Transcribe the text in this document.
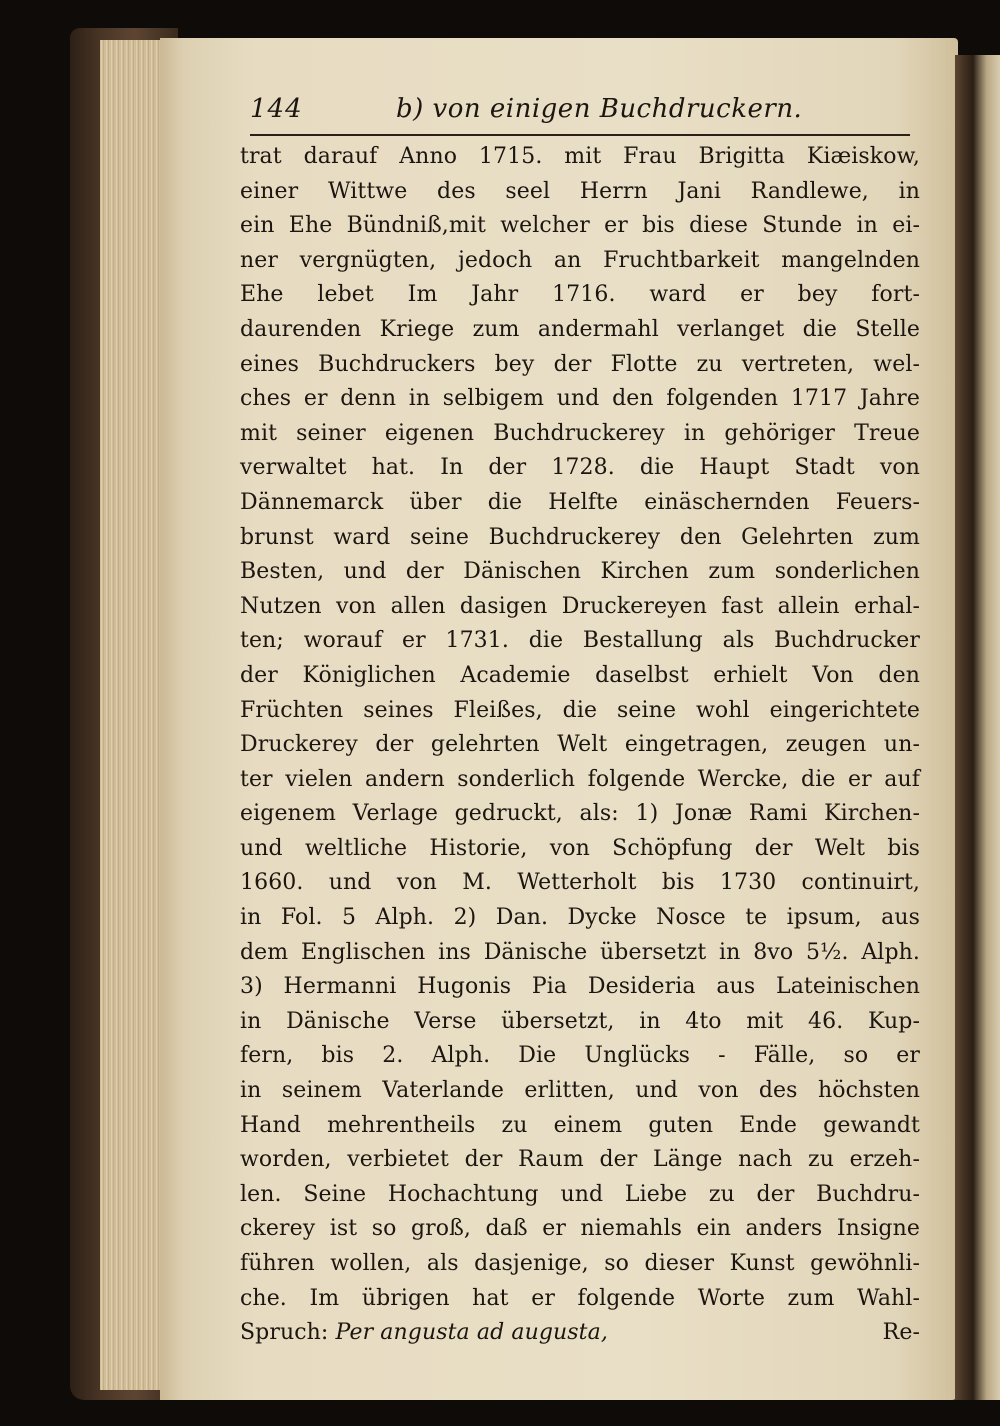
144	b) von einigen Buchdruckern.
trat darauf Anno 1715. mit Frau Brigitta Kiæiskow,
einer Wittwe des seel Herrn Jani Randlewe, in
ein Ehe Bündniß,mit welcher er bis diese Stunde in ei-
ner vergnügten, jedoch an Fruchtbarkeit mangelnden
Ehe lebet Im Jahr 1716. ward er bey fort-
daurenden Kriege zum andermahl verlanget die Stelle
eines Buchdruckers bey der Flotte zu vertreten, wel-
ches er denn in selbigem und den folgenden 1717 Jahre
mit seiner eigenen Buchdruckerey in gehöriger Treue
verwaltet hat. In der 1728. die Haupt Stadt von
Dännemarck über die Helfte einäschernden Feuers-
brunst ward seine Buchdruckerey den Gelehrten zum
Besten, und der Dänischen Kirchen zum sonderlichen
Nutzen von allen dasigen Druckereyen fast allein erhal-
ten; worauf er 1731. die Bestallung als Buchdrucker
der Königlichen Academie daselbst erhielt Von den
Früchten seines Fleißes, die seine wohl eingerichtete
Druckerey der gelehrten Welt eingetragen, zeugen un-
ter vielen andern sonderlich folgende Wercke, die er auf
eigenem Verlage gedruckt, als: 1) Jonæ Rami Kirchen-
und weltliche Historie, von Schöpfung der Welt bis
1660. und von M. Wetterholt bis 1730 continuirt,
in Fol. 5 Alph. 2) Dan. Dycke Nosce te ipsum, aus
dem Englischen ins Dänische übersetzt in 8vo 5½. Alph.
3) Hermanni Hugonis Pia Desideria aus Lateinischen
in Dänische Verse übersetzt, in 4to mit 46. Kup-
fern, bis 2. Alph. Die Unglücks - Fälle, so er
in seinem Vaterlande erlitten, und von des höchsten
Hand mehrentheils zu einem guten Ende gewandt
worden, verbietet der Raum der Länge nach zu erzeh-
len. Seine Hochachtung und Liebe zu der Buchdru-
ckerey ist so groß, daß er niemahls ein anders Insigne
führen wollen, als dasjenige, so dieser Kunst gewöhnli-
che. Im übrigen hat er folgende Worte zum Wahl-
Spruch: Per angusta ad augusta,	Re-
